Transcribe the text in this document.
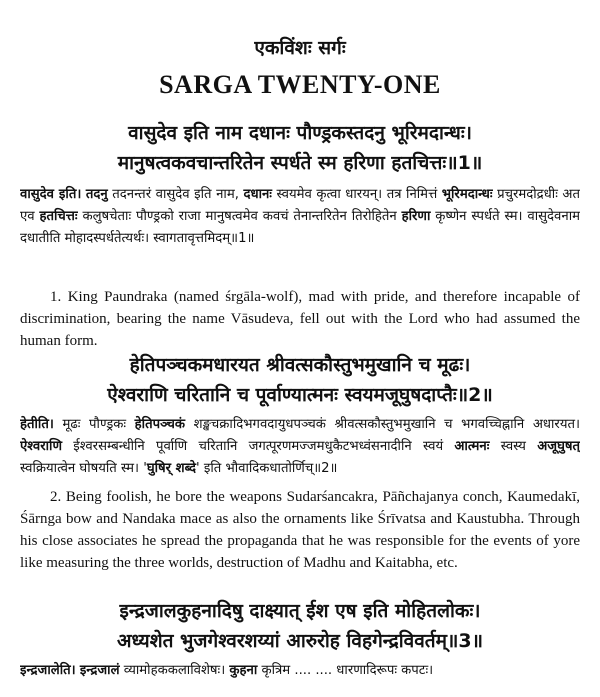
एकविंशः सर्गः
SARGA TWENTY-ONE
वासुदेव इति नाम दधानः पौण्ड्रकस्तदनु भूरिमदान्धः।
मानुषत्वकवचान्तरितेन स्पर्धते स्म हरिणा हतचित्तः॥1॥

वासुदेव इति। तदनु तदनन्तरं वासुदेव इति नाम, दधानः स्वयमेव कृत्वा धारयन्। तत्र निमित्तं भूरिमदान्धः प्रचुरमदोद्रधीः अत एव हतचित्तः कलुषचेताः पौण्ड्रको राजा मानुषत्वमेव कवचं तेनान्तरितेन तिरोहितेन हरिणा कृष्णेन स्पर्धते स्म। वासुदेवनाम दधातीति मोहादस्पर्धतेत्यर्थः। स्वागतावृत्तमिदम्॥1॥

1. King Paundraka (named śrgāla-wolf), mad with pride, and therefore incapable of discrimination, bearing the name Vāsudeva, fell out with the Lord who had assumed the human form.

हेतिपञ्चकमधारयत श्रीवत्सकौस्तुभमुखानि च मूढः।
ऐश्वराणि चरितानि च पूर्वाण्यात्मनः स्वयमजूघुषदाप्तैः॥2॥

हेतीति। मूढः पौण्ड्रकः हेतिपञ्चकं शङ्खचक्रादिभगवदायुधपञ्चकं श्रीवत्सकौस्तुभमुखानि च भगवच्चिह्नानि अधारयत। ऐश्वराणि ईश्वरसम्बन्धीनि पूर्वाणि चरितानि जगत्पूरणमज्जमधुकैटभध्वंसनादीनि स्वयं आत्मनः स्वस्य अजूघुषत् स्वक्रियात्वेन घोषयति स्म। 'घुषिर् शब्दे' इति भौवादिकधातोर्णिच्॥2॥

2. Being foolish, he bore the weapons Sudarśancakra, Pāñchajanya conch, Kaumedakī, Śārnga bow and Nandaka mace as also the ornaments like Śrīvatsa and Kaustubha. Through his close associates he spread the propaganda that he was responsible for the events of yore like measuring the three worlds, destruction of Madhu and Kaitabha, etc.

इन्द्रजालकुहनादिषु दाक्ष्यात् ईश एष इति मोहितलोकः।
अध्यशेत भुजगेश्वरशय्यां आरुरोह विहगेन्द्रविवर्तम्॥3॥

इन्द्रजालेति। इन्द्रजालं व्यामोहककलाविशेषः। कुहना कृत्रिम .... .... धारणादिरूपः कपटः।
